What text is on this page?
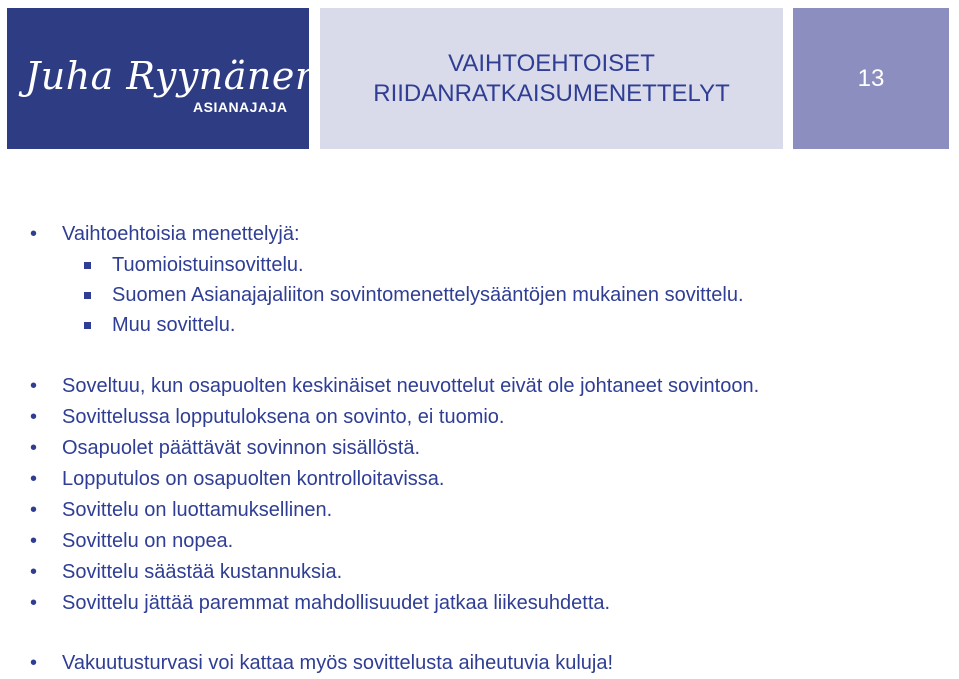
Juha Ryynänen
ASIANAJAJA
VAIHTOEHTOISET
RIIDANRATKAISUMENETTELYT
13
• Vaihtoehtoisia menettelyjä:
Tuomioistuinsovittelu.
Suomen Asianajajaliiton sovintomenettelysääntöjen mukainen sovittelu.
Muu sovittelu.
• Soveltuu, kun osapuolten keskinäiset neuvottelut eivät ole johtaneet sovintoon.
• Sovittelussa lopputuloksena on sovinto, ei tuomio.
• Osapuolet päättävät sovinnon sisällöstä.
• Lopputulos on osapuolten kontrolloitavissa.
• Sovittelu on luottamuksellinen.
• Sovittelu on nopea.
• Sovittelu säästää kustannuksia.
• Sovittelu jättää paremmat mahdollisuudet jatkaa liikesuhdetta.
• Vakuutusturvasi voi kattaa myös sovittelusta aiheutuvia kuluja!
